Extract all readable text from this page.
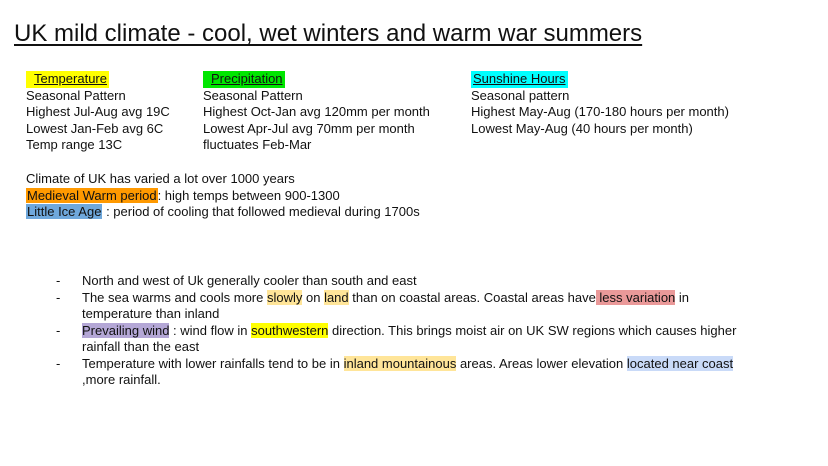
UK mild climate - cool, wet winters and warm war summers
Temperature
Seasonal Pattern
Highest Jul-Aug avg 19C
Lowest Jan-Feb avg 6C
Temp range 13C
Precipitation
Seasonal Pattern
Highest Oct-Jan avg 120mm per month
Lowest Apr-Jul avg 70mm per month
fluctuates Feb-Mar
Sunshine Hours
Seasonal pattern
Highest May-Aug (170-180 hours per month)
Lowest May-Aug (40 hours per month)
Climate of UK has varied a lot over 1000 years
Medieval Warm period: high temps between 900-1300
Little Ice Age : period of cooling that followed medieval during 1700s
- North and west of Uk generally cooler than south and east
- The sea warms and cools more slowly on land than on coastal areas. Coastal areas have less variation in temperature than inland
- Prevailing wind : wind flow in southwestern direction. This brings moist air on UK SW regions which causes higher rainfall than the east
- Temperature with lower rainfalls tend to be in inland mountainous areas. Areas lower elevation located near coast ,more rainfall.
